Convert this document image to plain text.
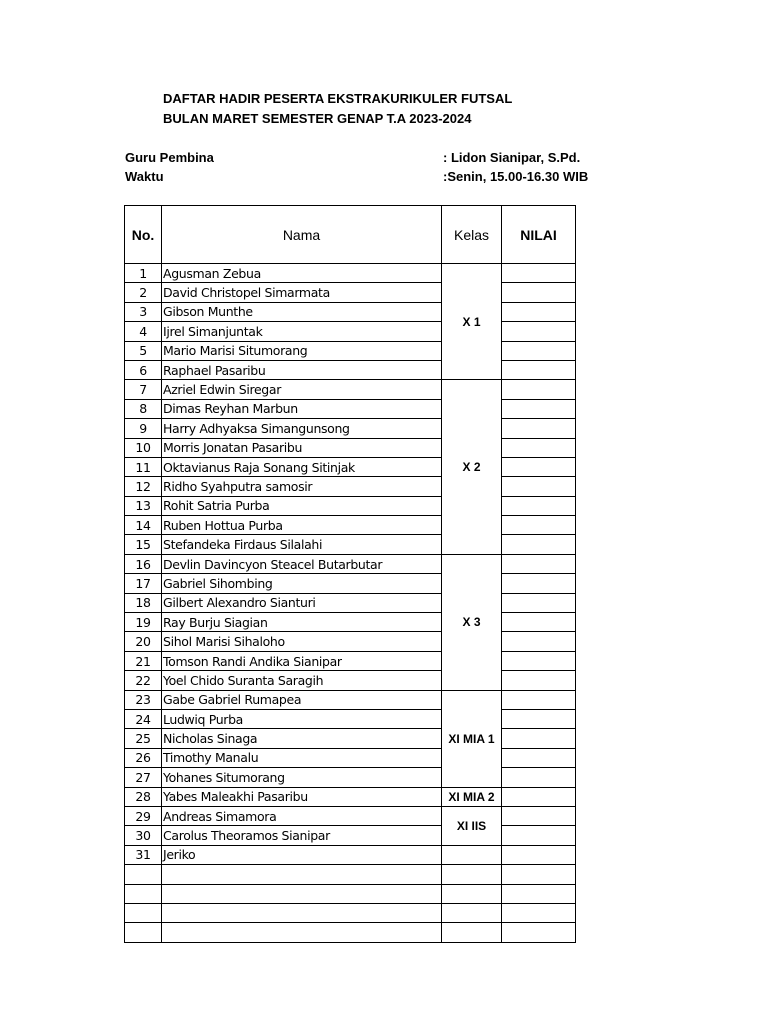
DAFTAR HADIR PESERTA EKSTRAKURIKULER FUTSAL
BULAN MARET SEMESTER GENAP T.A 2023-2024
Guru Pembina	: Lidon Sianipar, S.Pd.
Waktu	:Senin, 15.00-16.30 WIB
No.	Nama	Kelas	NILAI
1	Agusman Zebua	X 1	
2	David Christopel Simarmata		
3	Gibson Munthe		
4	Ijrel Simanjuntak		
5	Mario Marisi Situmorang		
6	Raphael Pasaribu		
7	Azriel Edwin Siregar	X 2	
8	Dimas Reyhan Marbun		
9	Harry Adhyaksa Simangunsong		
10	Morris Jonatan Pasaribu		
11	Oktavianus Raja Sonang Sitinjak		
12	Ridho Syahputra samosir		
13	Rohit Satria Purba		
14	Ruben Hottua Purba		
15	Stefandeka Firdaus Silalahi		
16	Devlin Davincyon Steacel Butarbutar	X 3	
17	Gabriel Sihombing		
18	Gilbert Alexandro Sianturi		
19	Ray Burju Siagian		
20	Sihol Marisi Sihaloho		
21	Tomson Randi Andika Sianipar		
22	Yoel Chido Suranta Saragih		
23	Gabe Gabriel Rumapea	XI MIA 1	
24	Ludwiq Purba		
25	Nicholas Sinaga		
26	Timothy Manalu		
27	Yohanes Situmorang		
28	Yabes Maleakhi Pasaribu	XI MIA 2	
29	Andreas Simamora	XI IIS	
30	Carolus Theoramos Sianipar		
31	Jeriko		
